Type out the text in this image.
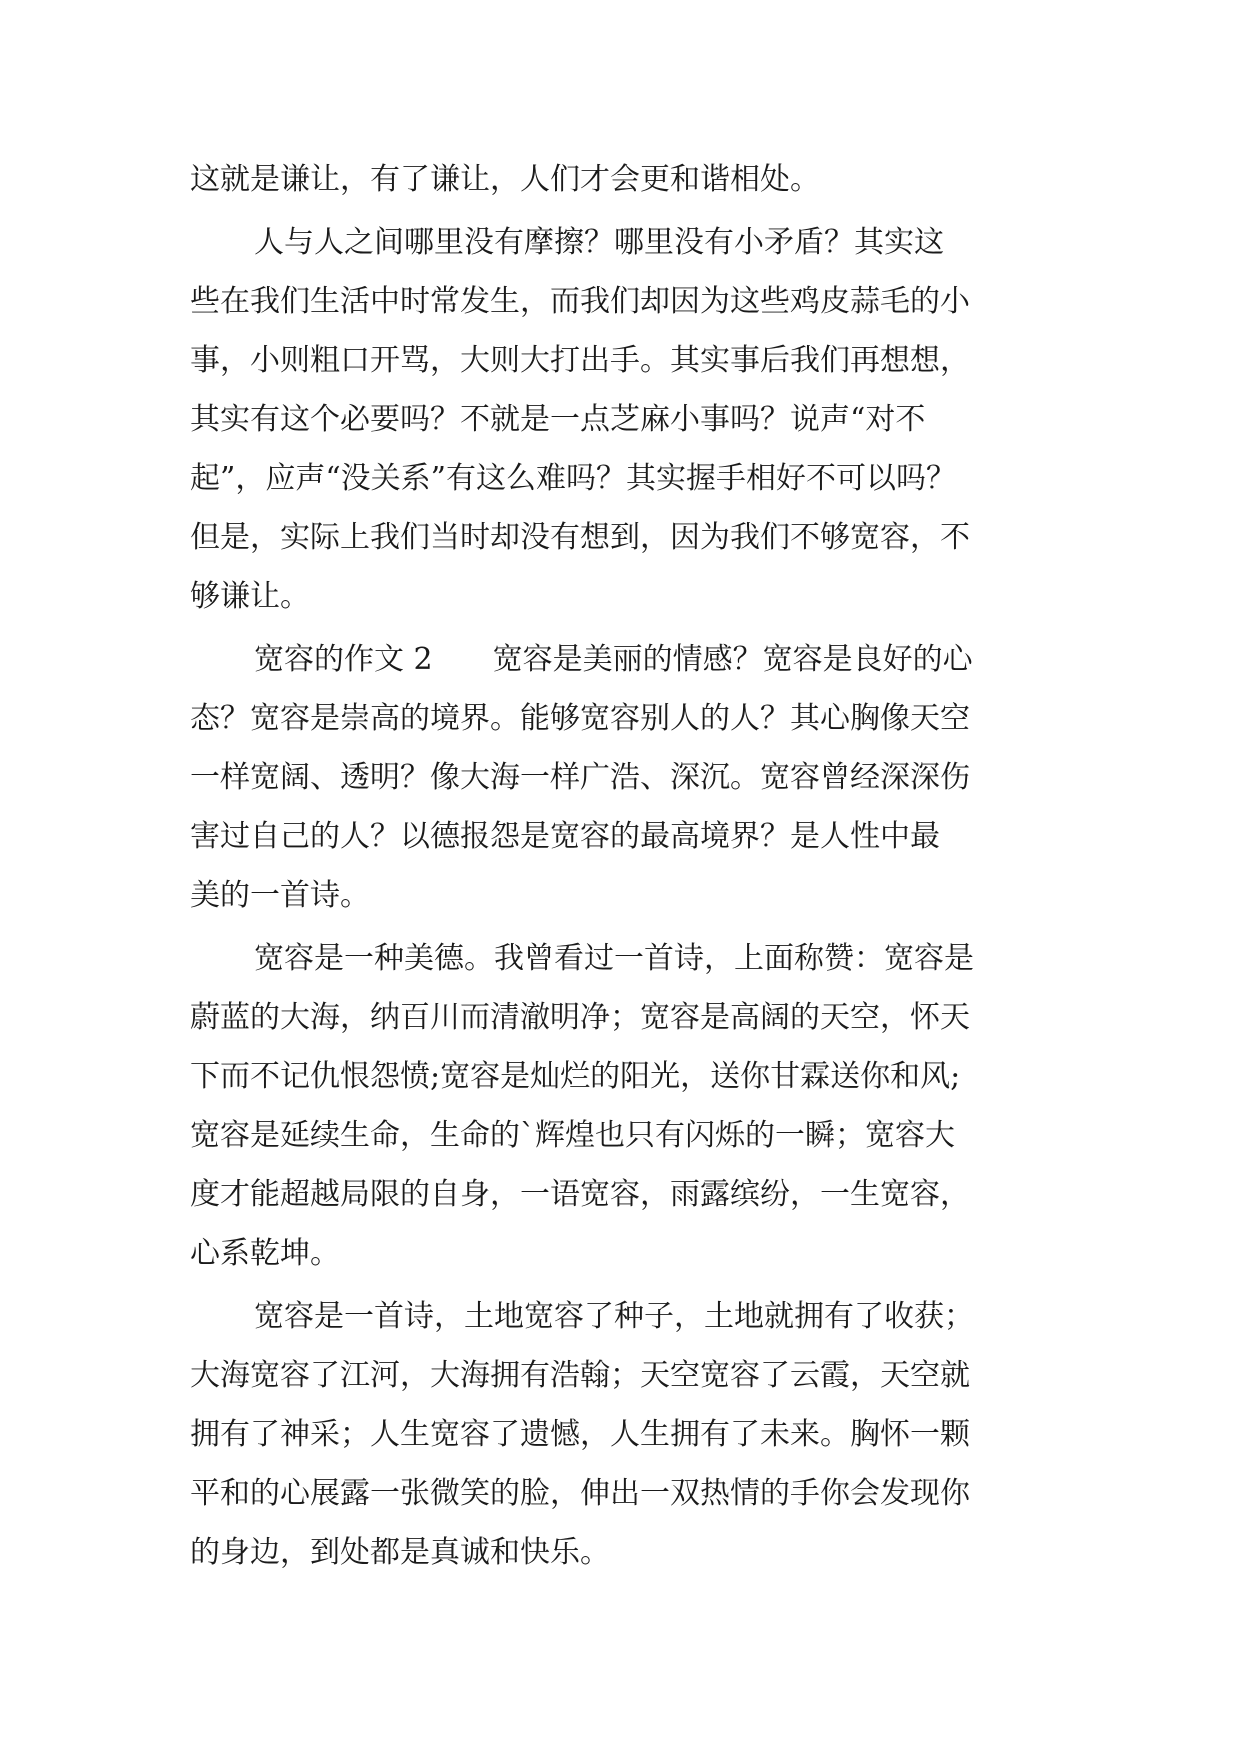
这就是谦让，有了谦让，人们才会更和谐相处。
人与人之间哪里没有摩擦？哪里没有小矛盾？其实这
些在我们生活中时常发生，而我们却因为这些鸡皮蒜毛的小
事，小则粗口开骂，大则大打出手。其实事后我们再想想，
其实有这个必要吗？不就是一点芝麻小事吗？说声“对不
起”，应声“没关系”有这么难吗？其实握手相好不可以吗？
但是，实际上我们当时却没有想到，因为我们不够宽容，不
够谦让。
宽容的作文 2　　宽容是美丽的情感？宽容是良好的心
态？宽容是崇高的境界。能够宽容别人的人？其心胸像天空
一样宽阔、透明？像大海一样广浩、深沉。宽容曾经深深伤
害过自己的人？以德报怨是宽容的最高境界？是人性中最
美的一首诗。
宽容是一种美德。我曾看过一首诗，上面称赞：宽容是
蔚蓝的大海，纳百川而清澈明净；宽容是高阔的天空，怀天
下而不记仇恨怨愤;宽容是灿烂的阳光，送你甘霖送你和风;
宽容是延续生命，生命的`辉煌也只有闪烁的一瞬；宽容大
度才能超越局限的自身，一语宽容，雨露缤纷，一生宽容，
心系乾坤。
宽容是一首诗，土地宽容了种子，土地就拥有了收获；
大海宽容了江河，大海拥有浩翰；天空宽容了云霞，天空就
拥有了神采；人生宽容了遗憾，人生拥有了未来。胸怀一颗
平和的心展露一张微笑的脸，伸出一双热情的手你会发现你
的身边，到处都是真诚和快乐。
